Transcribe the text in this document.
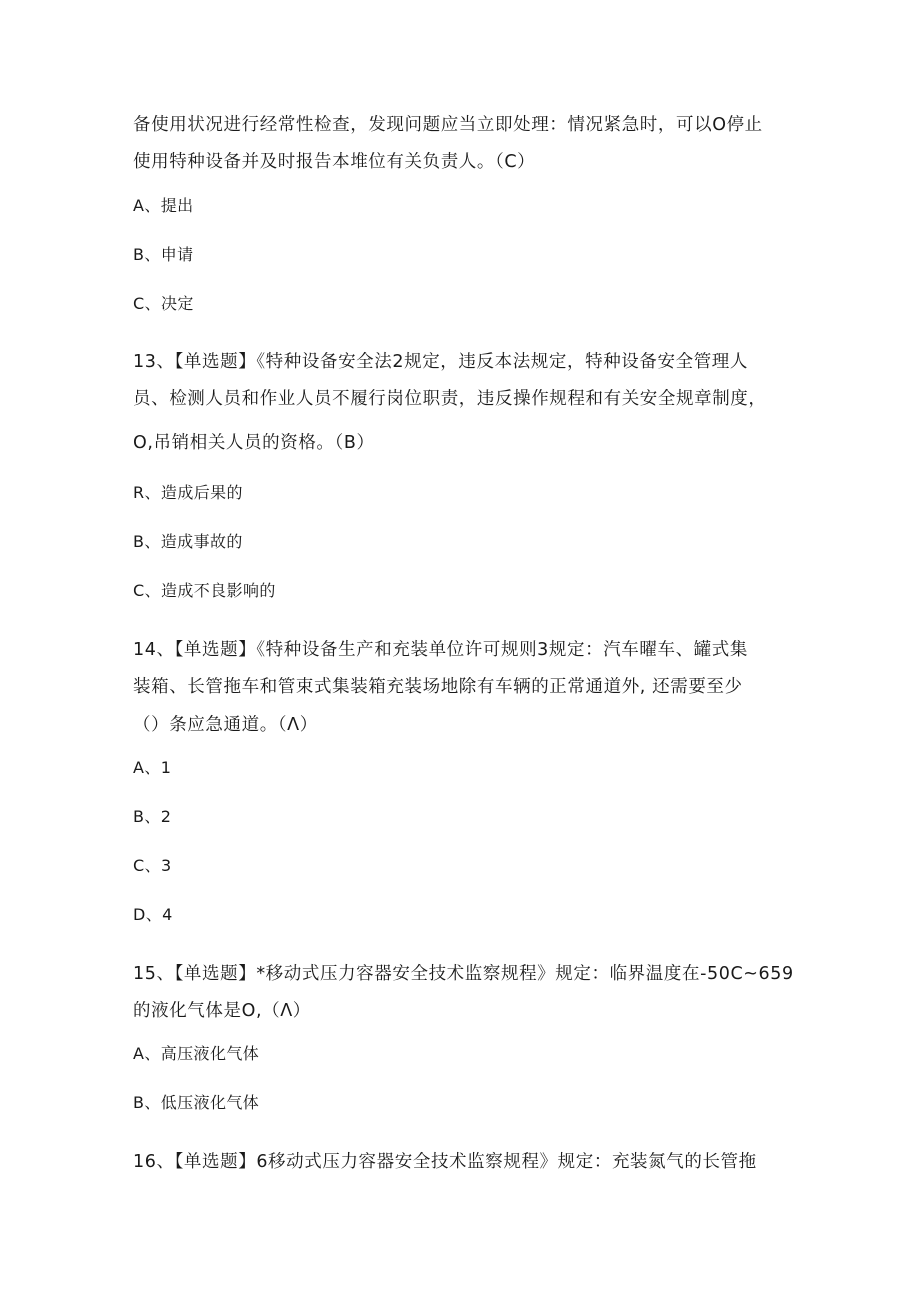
备使用状况进行经常性检查，发现问题应当立即处理：情况紧急时，可以O停止
使用特种设备并及时报告本堆位有关负责人。（C）
A、提出
B、申请
C、决定
13、【单选题】《特种设备安全法2规定，违反本法规定，特种设备安全管理人
员、检测人员和作业人员不履行岗位职责，违反操作规程和有关安全规章制度，
O,吊销相关人员的资格。（B）
R、造成后果的
B、造成事故的
C、造成不良影响的
14、【单选题】《特种设备生产和充装单位许可规则3规定：汽车曜车、罐式集
装箱、长管拖车和管束式集装箱充装场地除有车辆的正常通道外, 还需要至少
（）条应急通道。（Λ）
A、1
B、2
C、3
D、4
15、【单选题】*移动式压力容器安全技术监察规程》规定：临界温度在-50C~659
的液化气体是O,（Λ）
A、高压液化气体
B、低压液化气体
16、【单选题】6移动式压力容器安全技术监察规程》规定：充装氮气的长管拖
